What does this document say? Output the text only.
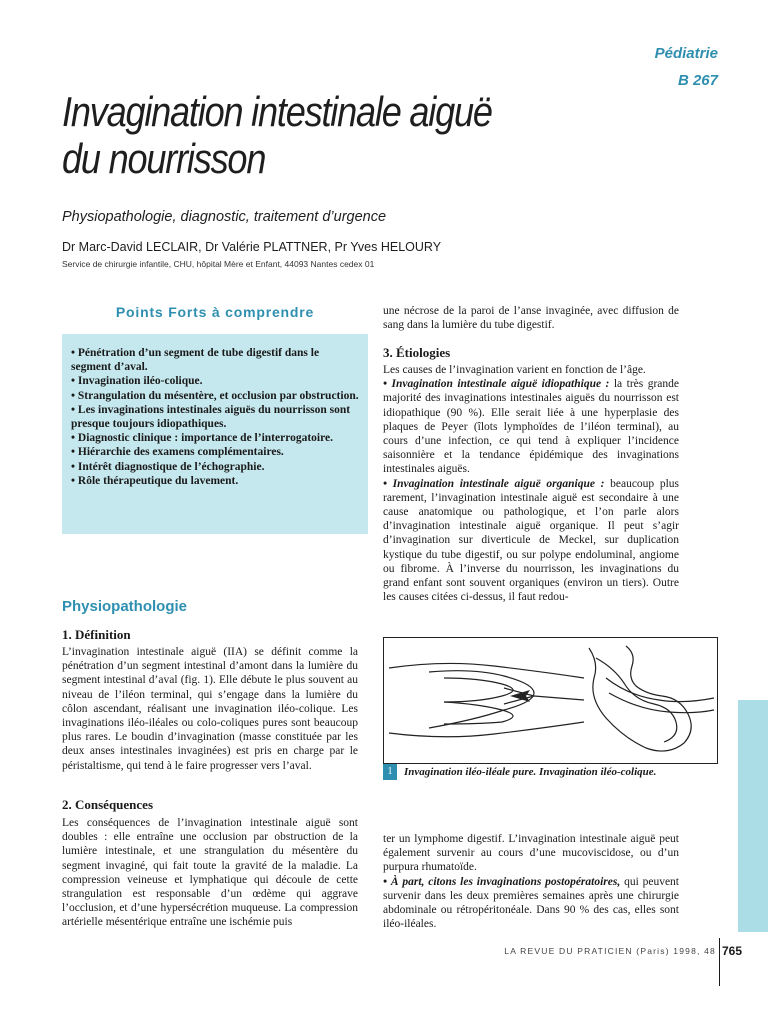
Pédiatrie
B 267
Invagination intestinale aiguë
du nourrisson
Physiopathologie, diagnostic, traitement d’urgence
Dr Marc-David LECLAIR, Dr Valérie PLATTNER, Pr Yves HELOURY
Service de chirurgie infantile, CHU, hôpital Mère et Enfant, 44093 Nantes cedex 01
Points Forts à comprendre
• Pénétration d’un segment de tube digestif dans le segment d’aval.
• Invagination iléo-colique.
• Strangulation du mésentère, et occlusion par obstruction.
• Les invaginations intestinales aiguës du nourrisson sont presque toujours idiopathiques.
• Diagnostic clinique : importance de l’interrogatoire.
• Hiérarchie des examens complémentaires.
• Intérêt diagnostique de l’échographie.
• Rôle thérapeutique du lavement.
Physiopathologie
1. Définition
L’invagination intestinale aiguë (IIA) se définit comme la pénétration d’un segment intestinal d’amont dans la lumière du segment intestinal d’aval (fig. 1). Elle débute le plus souvent au niveau de l’iléon terminal, qui s’engage dans la lumière du côlon ascendant, réalisant une invagination iléo-colique. Les invaginations iléo-iléales ou colo-coliques pures sont beaucoup plus rares. Le boudin d’invagination (masse constituée par les deux anses intestinales invaginées) est pris en charge par le péristaltisme, qui tend à le faire progresser vers l’aval.
2. Conséquences
Les conséquences de l’invagination intestinale aiguë sont doubles : elle entraîne une occlusion par obstruction de la lumière intestinale, et une strangulation du mésentère du segment invaginé, qui fait toute la gravité de la maladie. La compression veineuse et lymphatique qui découle de cette strangulation est responsable d’un œdème qui aggrave l’occlusion, et d’une hypersécrétion muqueuse. La compression artérielle mésentérique entraîne une ischémie puis
une nécrose de la paroi de l’anse invaginée, avec diffusion de sang dans la lumière du tube digestif.
3. Étiologies
Les causes de l’invagination varient en fonction de l’âge.
• Invagination intestinale aiguë idiopathique : la très grande majorité des invaginations intestinales aiguës du nourrisson est idiopathique (90 %). Elle serait liée à une hyperplasie des plaques de Peyer (îlots lymphoïdes de l’iléon terminal), au cours d’une infection, ce qui tend à expliquer l’incidence saisonnière et la tendance épidémique des invaginations intestinales aiguës.
• Invagination intestinale aiguë organique : beaucoup plus rarement, l’invagination intestinale aiguë est secondaire à une cause anatomique ou pathologique, et l’on parle alors d’invagination intestinale aiguë organique. Il peut s’agir d’invagination sur diverticule de Meckel, sur duplication kystique du tube digestif, ou sur polype endoluminal, angiome ou fibrome. À l’inverse du nourrisson, les invaginations du grand enfant sont souvent organiques (environ un tiers). Outre les causes citées ci-dessus, il faut redou-
1	Invagination iléo-iléale pure. Invagination iléo-colique.
ter un lymphome digestif. L’invagination intestinale aiguë peut également survenir au cours d’une mucoviscidose, ou d’un purpura rhumatoïde.
• À part, citons les invaginations postopératoires, qui peuvent survenir dans les deux premières semaines après une chirurgie abdominale ou rétropéritonéale. Dans 90 % des cas, elles sont iléo-iléales.
LA REVUE DU PRATICIEN (Paris) 1998, 48 765
